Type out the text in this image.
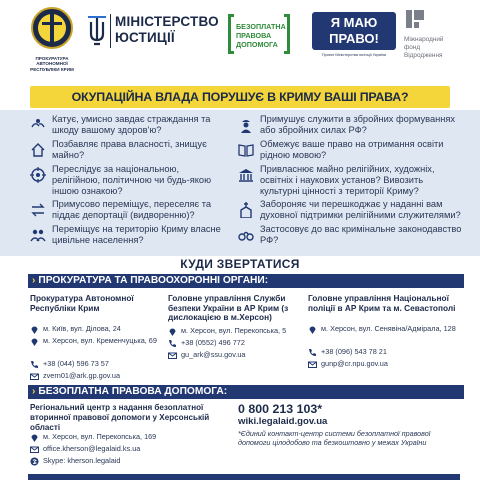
ПРОКУРАТУРА АВТОНОМНОЇ РЕСПУБЛІКИ КРИМ
МІНІСТЕРСТВО
ЮСТИЦІЇ
БЕЗОПЛАТНА
ПРАВОВА
ДОПОМОГА
Я МАЮ
ПРАВО!
Проект Міністерства юстиції України
Міжнародний
фонд
Відродження
ОКУПАЦІЙНА ВЛАДА ПОРУШУЄ В КРИМУ ВАШІ ПРАВА?
Катує, умисно завдає страждання та шкоду вашому здоров'ю?
Позбавляє права власності, знищує майно?
Переслідує за національною, релігійною, політичною чи будь-якою іншою ознакою?
Примусово переміщує, переселяє та піддає депортації (видворенню)?
Переміщує на територію Криму власне цивільне населення?
Примушує служити в збройних формуваннях або збройних силах РФ?
Обмежує ваше право на отримання освіти рідною мовою?
Привласнює майно релігійних, художніх, освітніх і наукових установ? Вивозить культурні цінності з території Криму?
Забороняє чи перешкоджає у наданні вам духовної підтримки релігійними служителями?
Застосовує до вас кримінальне законодавство РФ?
КУДИ ЗВЕРТАТИСЯ
› ПРОКУРАТУРА ТА ПРАВООХОРОННІ ОРГАНИ:
Прокуратура Автономної Республіки Крим
м. Київ, вул. Ділова, 24
м. Херсон, вул. Кременчуцька, 69
+38 (044) 596 73 57
zvern01@ark.gp.gov.ua
Головне управління Служби безпеки України в АР Крим (з дислокацією в м.Херсон)
м. Херсон, вул. Перекопська, 5
+38 (0552) 496 772
gu_ark@ssu.gov.ua
Головне управління Національної поліції в АР Крим та м. Севастополі
м. Херсон, вул. Сенявіна/Адмірала, 128
+38 (096) 543 78 21
gunp@cr.npu.gov.ua
› БЕЗОПЛАТНА ПРАВОВА ДОПОМОГА:
Регіональний центр з надання безоплатної вторинної правової допомоги у Херсонській області
м. Херсон, вул. Перекопська, 169
office.kherson@legalaid.ks.ua
Skype: kherson.legalaid
0 800 213 103*
wiki.legalaid.gov.ua
*Єдиний контакт-центр системи безоплатної правової допомоги цілодобово та безкоштовно у межах України
